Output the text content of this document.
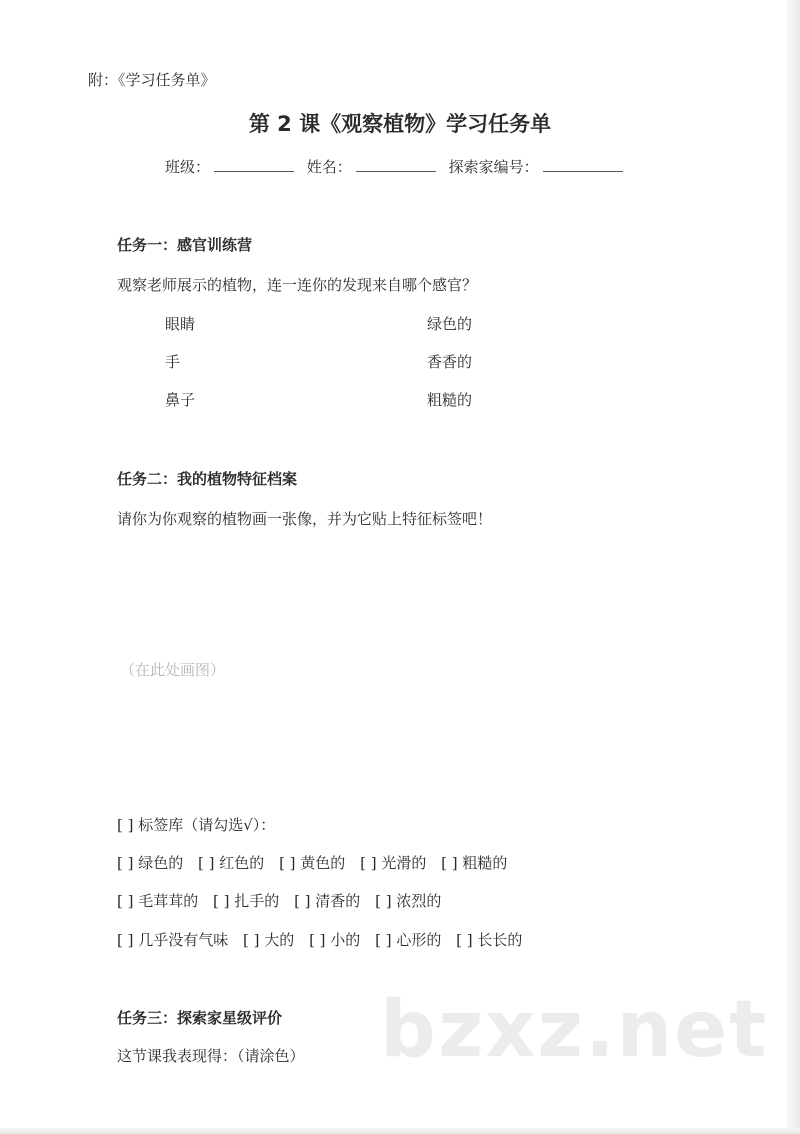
附：《学习任务单》
第 2 课《观察植物》学习任务单
班级：	姓名：	探索家编号：
任务一：感官训练营
观察老师展示的植物，连一连你的发现来自哪个感官？
眼睛
手
鼻子
绿色的
香香的
粗糙的
任务二：我的植物特征档案
请你为你观察的植物画一张像，并为它贴上特征标签吧！
（在此处画图）
[ ] 标签库（请勾选√）：
[ ] 绿色的 [ ] 红色的 [ ] 黄色的 [ ] 光滑的 [ ] 粗糙的
[ ] 毛茸茸的 [ ] 扎手的 [ ] 清香的 [ ] 浓烈的
[ ] 几乎没有气味 [ ] 大的 [ ] 小的 [ ] 心形的 [ ] 长长的
bzxz.net
任务三：探索家星级评价
这节课我表现得：（请涂色）
